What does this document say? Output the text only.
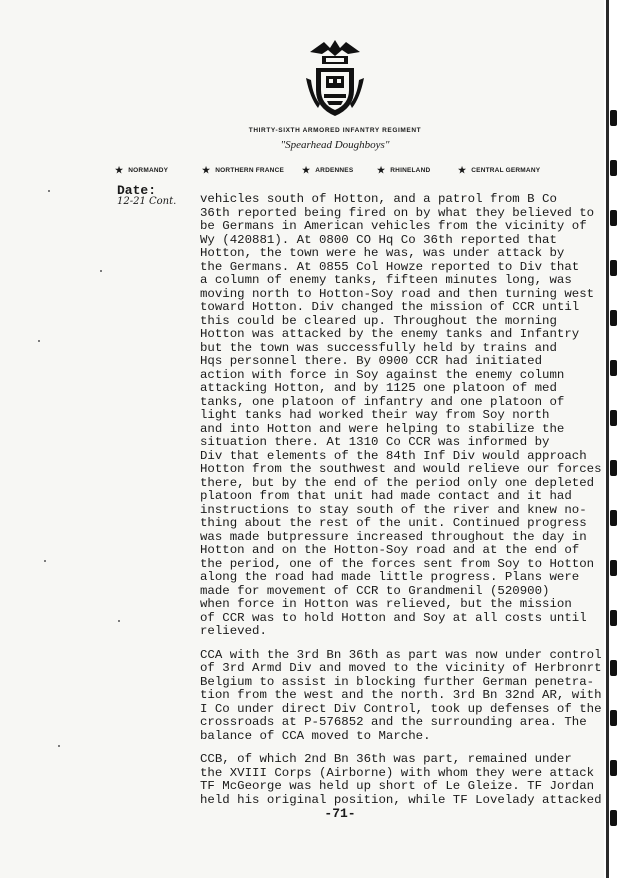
THIRTY-SIXTH ARMORED INFANTRY REGIMENT
"Spearhead Doughboys"
★ NORMANDY	★ NORTHERN FRANCE ★ ARDENNES	★ RHINELAND	★ CENTRAL GERMANY
Date:
12-21 Cont. vehicles south of Hotton, and a patrol from B Co
36th reported being fired on by what they believed to
be Germans in American vehicles from the vicinity of
Wy (420881). At 0800 CO Hq Co 36th reported that
Hotton, the town were he was, was under attack by
the Germans. At 0855 Col Howze reported to Div that
a column of enemy tanks, fifteen minutes long, was
moving north to Hotton-Soy road and then turning west
toward Hotton. Div changed the mission of CCR until
this could be cleared up. Throughout the morning
Hotton was attacked by the enemy tanks and Infantry
but the town was successfully held by trains and
Hqs personnel there. By 0900 CCR had initiated
action with force in Soy against the enemy column
attacking Hotton, and by 1125 one platoon of med
tanks, one platoon of infantry and one platoon of
light tanks had worked their way from Soy north
and into Hotton and were helping to stabilize the
situation there. At 1310 Co CCR was informed by
Div that elements of the 84th Inf Div would approach
Hotton from the southwest and would relieve our forces
there, but by the end of the period only one depleted
platoon from that unit had made contact and it had
instructions to stay south of the river and knew no-
thing about the rest of the unit. Continued progress
was made butpressure increased throughout the day in
Hotton and on the Hotton-Soy road and at the end of
the period, one of the forces sent from Soy to Hotton
along the road had made little progress. Plans were
made for movement of CCR to Grandmenil (520900)
when force in Hotton was relieved, but the mission
of CCR was to hold Hotton and Soy at all costs until
relieved.
CCA with the 3rd Bn 36th as part was now under control
of 3rd Armd Div and moved to the vicinity of Herbronrt
Belgium to assist in blocking further German penetra-
tion from the west and the north. 3rd Bn 32nd AR, with
I Co under direct Div Control, took up defenses of the
crossroads at P-576852 and the surrounding area. The
balance of CCA moved to Marche.
CCB, of which 2nd Bn 36th was part, remained under
the XVIII Corps (Airborne) with whom they were attack
TF McGeorge was held up short of Le Gleize. TF Jordan
held his original position, while TF Lovelady attacked
-71-
